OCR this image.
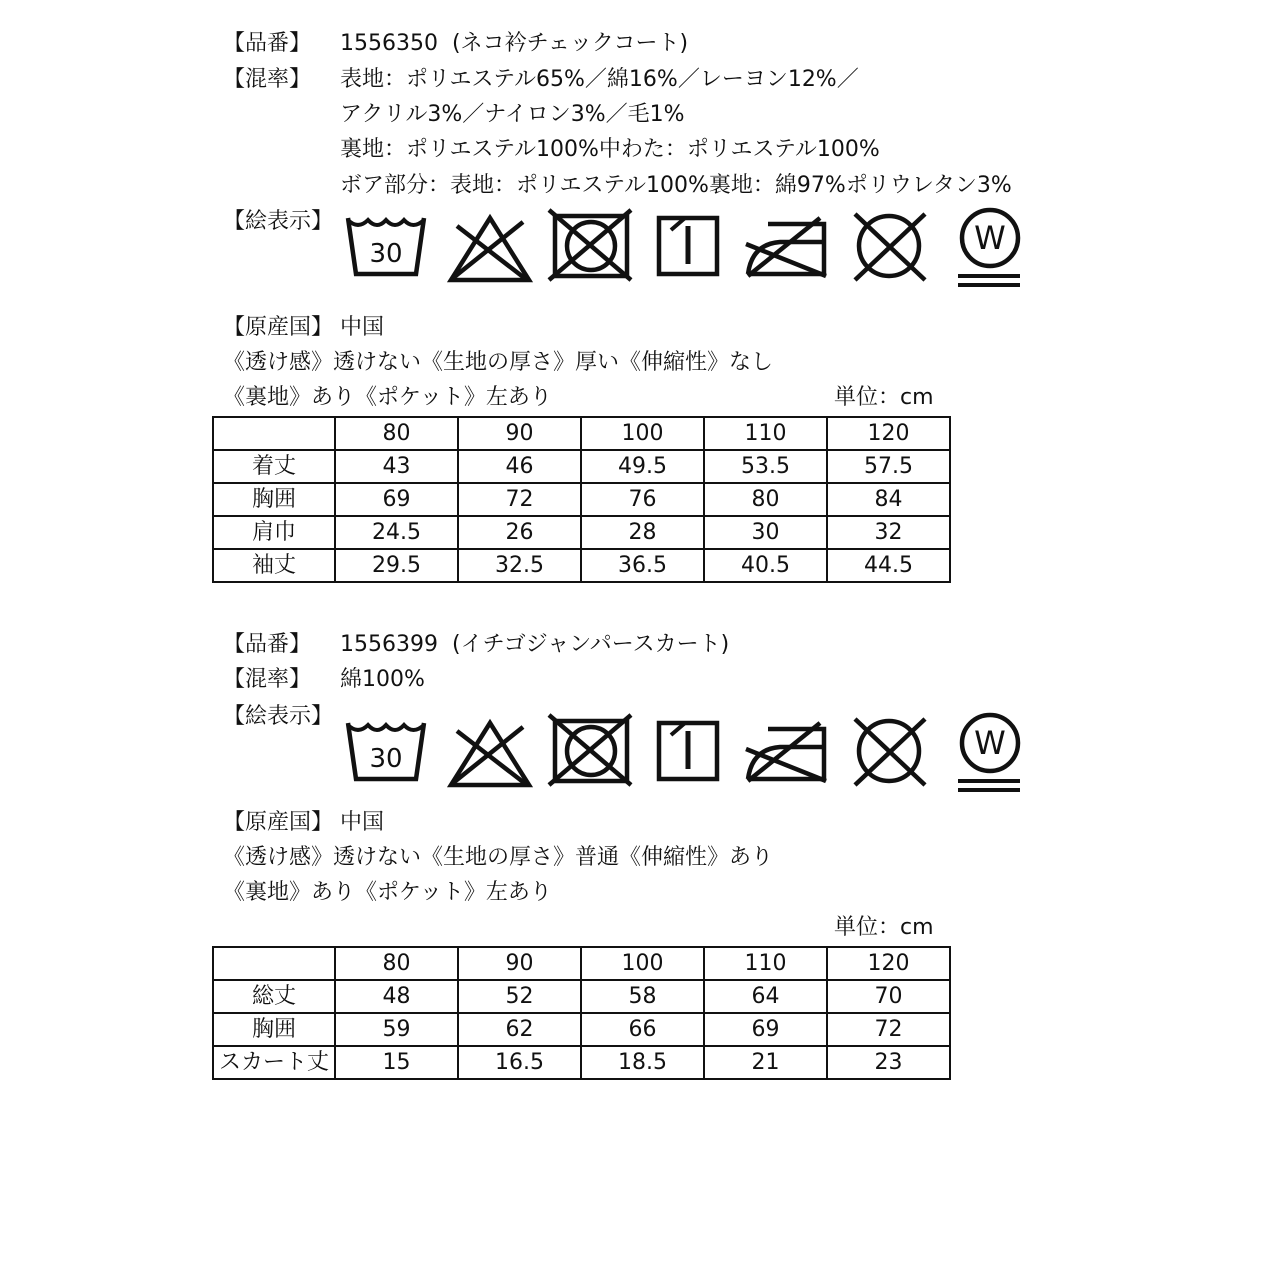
【品番】 1556350 (ネコ衿チェックコート)
【混率】 表地：ポリエステル65%／綿16%／レーヨン12%／
アクリル3%／ナイロン3%／毛1%
裏地：ポリエステル100%中わた：ポリエステル100%
ボア部分：表地：ポリエステル100%裏地：綿97%ポリウレタン3%
【絵表示】
30	W
【原産国】 中国
《透け感》透けない《生地の厚さ》厚い《伸縮性》なし
《裏地》あり《ポケット》左あり	単位：cm
	80	90	100	110	120
着丈	43	46	49.5	53.5	57.5
胸囲	69	72	76	80	84
肩巾	24.5	26	28	30	32
袖丈	29.5	32.5	36.5	40.5	44.5
【品番】 1556399 (イチゴジャンパースカート)
【混率】 綿100%
【絵表示】
30	W
【原産国】 中国
《透け感》透けない《生地の厚さ》普通《伸縮性》あり
《裏地》あり《ポケット》左あり
単位：cm
	80	90	100	110	120
総丈	48	52	58	64	70
胸囲	59	62	66	69	72
スカート丈	15	16.5	18.5	21	23
